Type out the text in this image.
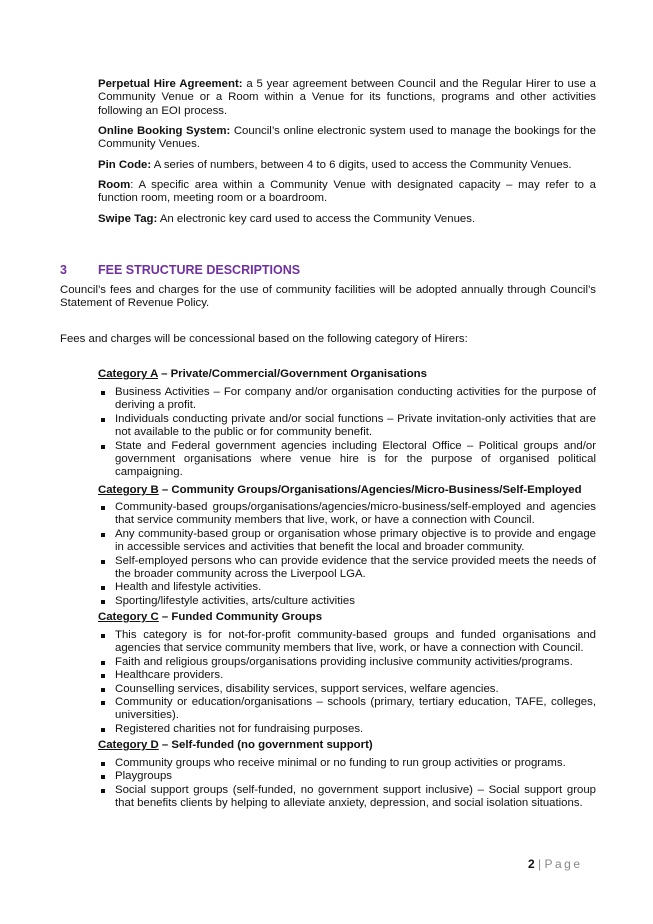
Perpetual Hire Agreement: a 5 year agreement between Council and the Regular Hirer to use a Community Venue or a Room within a Venue for its functions, programs and other activities following an EOI process.

Online Booking System: Council’s online electronic system used to manage the bookings for the Community Venues.

Pin Code: A series of numbers, between 4 to 6 digits, used to access the Community Venues.

Room: A specific area within a Community Venue with designated capacity – may refer to a function room, meeting room or a boardroom.

Swipe Tag: An electronic key card used to access the Community Venues.

3 FEE STRUCTURE DESCRIPTIONS

Council’s fees and charges for the use of community facilities will be adopted annually through Council’s Statement of Revenue Policy.

Fees and charges will be concessional based on the following category of Hirers:

Category A – Private/Commercial/Government Organisations
Business Activities – For company and/or organisation conducting activities for the purpose of deriving a profit.
Individuals conducting private and/or social functions – Private invitation-only activities that are not available to the public or for community benefit.
State and Federal government agencies including Electoral Office – Political groups and/or government organisations where venue hire is for the purpose of organised political campaigning.
Category B – Community Groups/Organisations/Agencies/Micro-Business/Self-Employed
Community-based groups/organisations/agencies/micro-business/self-employed and agencies that service community members that live, work, or have a connection with Council.
Any community-based group or organisation whose primary objective is to provide and engage in accessible services and activities that benefit the local and broader community.
Self-employed persons who can provide evidence that the service provided meets the needs of the broader community across the Liverpool LGA.
Health and lifestyle activities.
Sporting/lifestyle activities, arts/culture activities
Category C – Funded Community Groups
This category is for not-for-profit community-based groups and funded organisations and agencies that service community members that live, work, or have a connection with Council.
Faith and religious groups/organisations providing inclusive community activities/programs.
Healthcare providers.
Counselling services, disability services, support services, welfare agencies.
Community or education/organisations – schools (primary, tertiary education, TAFE, colleges, universities).
Registered charities not for fundraising purposes.
Category D – Self-funded (no government support)
Community groups who receive minimal or no funding to run group activities or programs.
Playgroups
Social support groups (self-funded, no government support inclusive) – Social support group that benefits clients by helping to alleviate anxiety, depression, and social isolation situations.
2 | Page
